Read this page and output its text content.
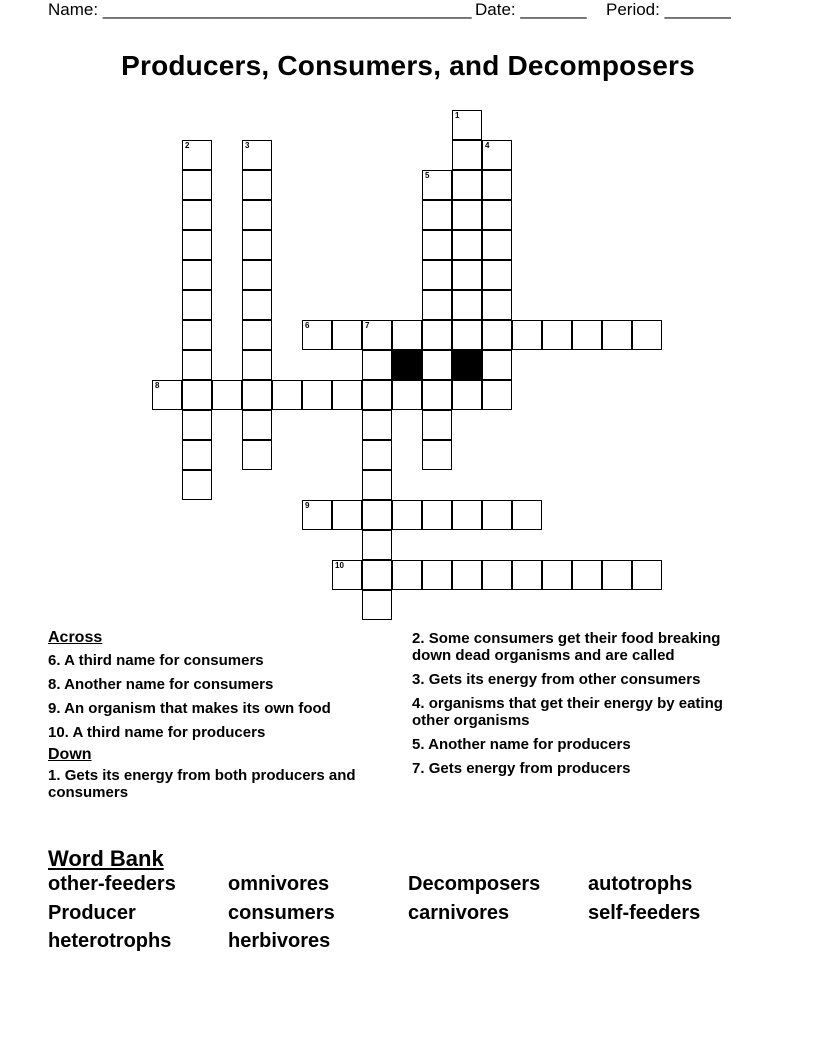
Name: _______________________________________ Date: _______ Period: _______
Producers, Consumers, and Decomposers
1
2	3	4
5
6	7
8
9
10
Across
6. A third name for consumers
8. Another name for consumers
9. An organism that makes its own food
10. A third name for producers
Down
1. Gets its energy from both producers and consumers
2. Some consumers get their food breaking down dead organisms and are called
3. Gets its energy from other consumers
4. organisms that get their energy by eating other organisms
5. Another name for producers
7. Gets energy from producers
Word Bank
other-feeders	omnivores	Decomposers autotrophs
Producer	consumers	carnivores	self-feeders
heterotrophs	herbivores
